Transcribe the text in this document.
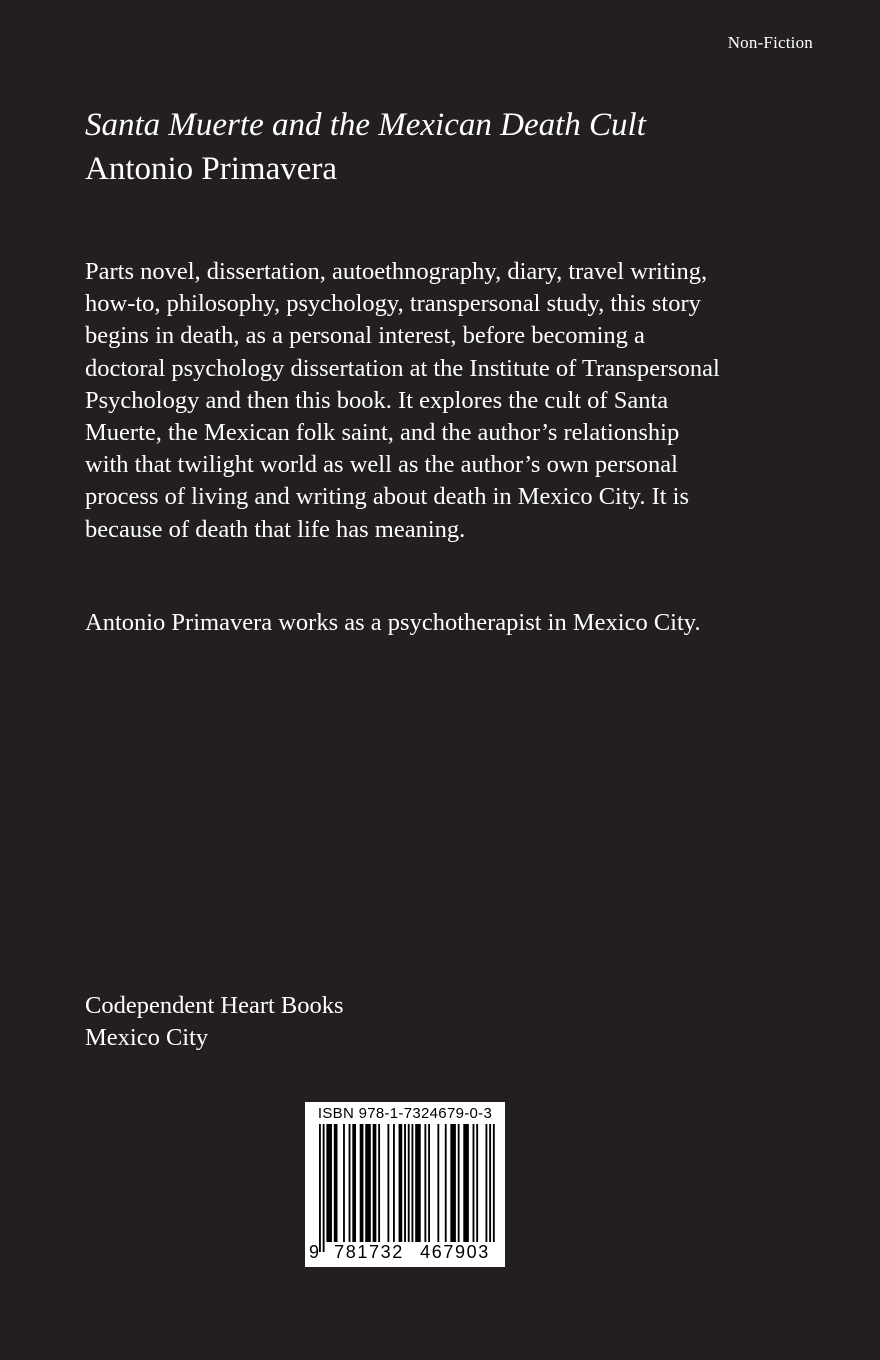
Non-Fiction
Santa Muerte and the Mexican Death Cult
Antonio Primavera

Parts novel, dissertation, autoethnography, diary, travel writing, how-to, philosophy, psychology, transpersonal study, this story begins in death, as a personal interest, before becoming a doctoral psychology dissertation at the Institute of Transpersonal Psychology and then this book. It explores the cult of Santa Muerte, the Mexican folk saint, and the author’s relationship with that twilight world as well as the author’s own personal process of living and writing about death in Mexico City. It is because of death that life has meaning.

Antonio Primavera works as a psychotherapist in Mexico City.

Codependent Heart Books
Mexico City
ISBN 978-1-7324679-0-3
9 781732 467903
